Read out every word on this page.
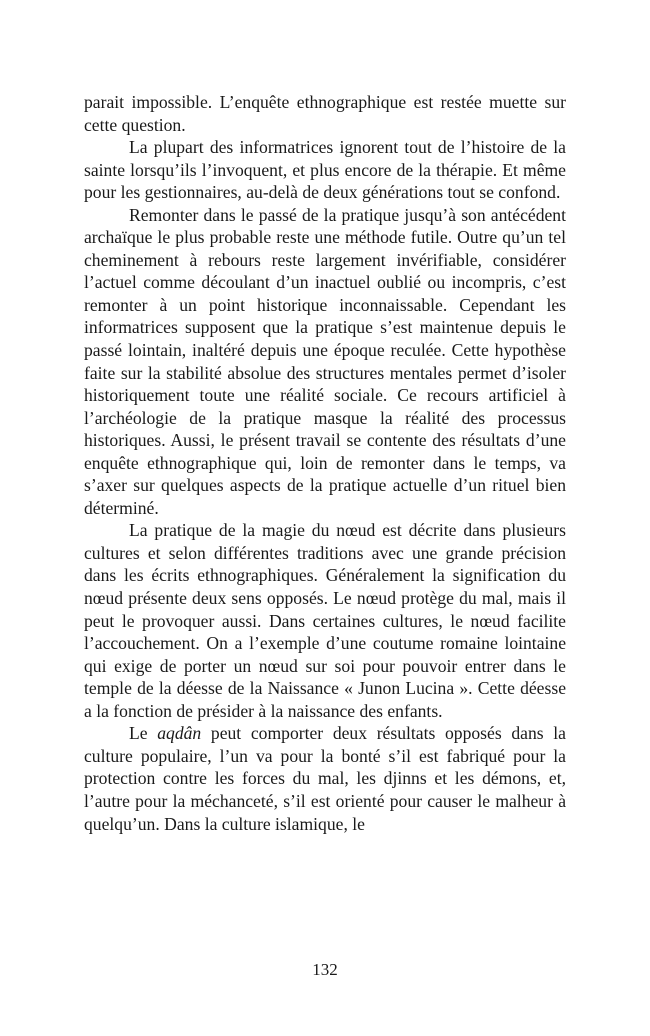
parait impossible. L’enquête ethnographique est restée muette sur cette question.

La plupart des informatrices ignorent tout de l’histoire de la sainte lorsqu’ils l’invoquent, et plus encore de la thérapie. Et même pour les gestionnaires, au-delà de deux générations tout se confond.

Remonter dans le passé de la pratique jusqu’à son antécédent archaïque le plus probable reste une méthode futile. Outre qu’un tel cheminement à rebours reste largement invérifiable, considérer l’actuel comme découlant d’un inactuel oublié ou incompris, c’est remonter à un point historique inconnaissable. Cependant les informatrices supposent que la pratique s’est maintenue depuis le passé lointain, inaltéré depuis une époque reculée. Cette hypothèse faite sur la stabilité absolue des structures mentales permet d’isoler historiquement toute une réalité sociale. Ce recours artificiel à l’archéologie de la pratique masque la réalité des processus historiques. Aussi, le présent travail se contente des résultats d’une enquête ethnographique qui, loin de remonter dans le temps, va s’axer sur quelques aspects de la pratique actuelle d’un rituel bien déterminé.

La pratique de la magie du nœud est décrite dans plusieurs cultures et selon différentes traditions avec une grande précision dans les écrits ethnographiques. Généralement la signification du nœud présente deux sens opposés. Le nœud protège du mal, mais il peut le provoquer aussi. Dans certaines cultures, le nœud facilite l’accouchement. On a l’exemple d’une coutume romaine lointaine qui exige de porter un nœud sur soi pour pouvoir entrer dans le temple de la déesse de la Naissance « Junon Lucina ». Cette déesse a la fonction de présider à la naissance des enfants.

Le aqdân peut comporter deux résultats opposés dans la culture populaire, l’un va pour la bonté s’il est fabriqué pour la protection contre les forces du mal, les djinns et les démons, et, l’autre pour la méchanceté, s’il est orienté pour causer le malheur à quelqu’un. Dans la culture islamique, le

132
